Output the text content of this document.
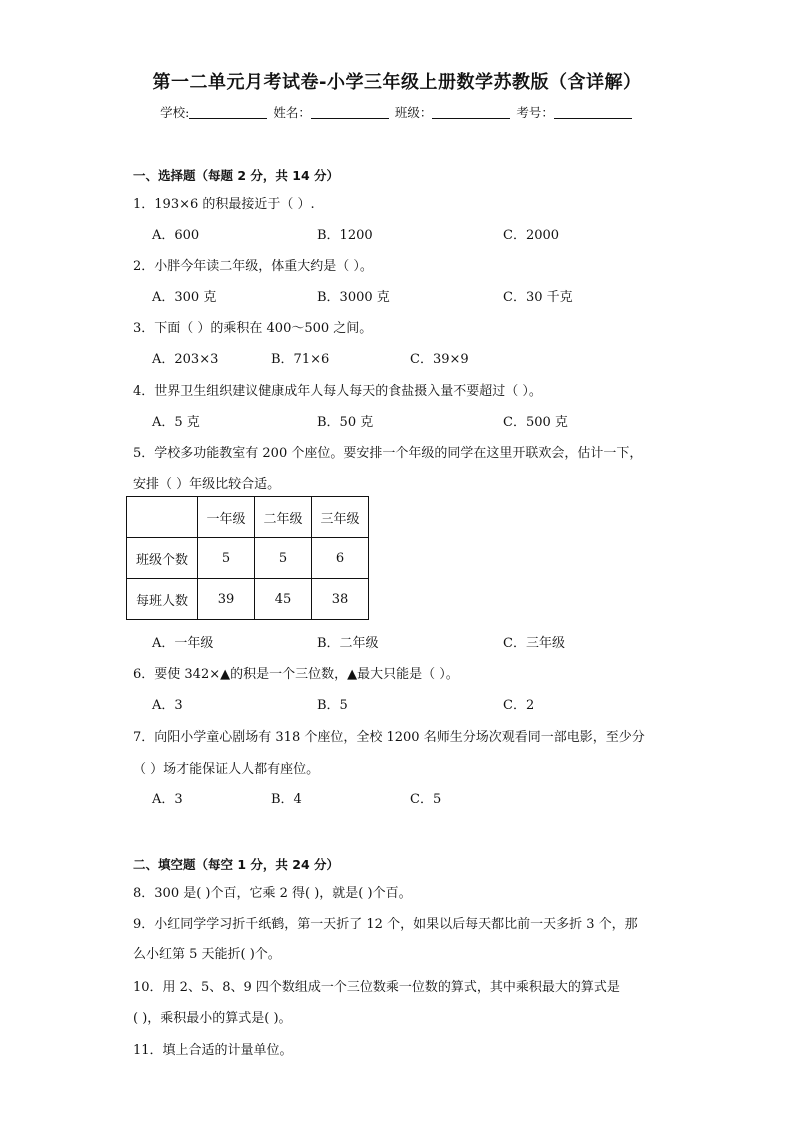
第一二单元月考试卷-小学三年级上册数学苏教版（含详解）
学校:	姓名：	班级：	考号：
一、选择题（每题 2 分，共 14 分）
1．193×6 的积最接近于（ ）.
A．600	B．1200	C．2000
2．小胖今年读二年级，体重大约是（ ）。
A．300 克	B．3000 克	C．30 千克
3．下面（ ）的乘积在 400～500 之间。
A．203×3	B．71×6	C．39×9
4．世界卫生组织建议健康成年人每人每天的食盐摄入量不要超过（ ）。
A．5 克	B．50 克	C．500 克
5．学校多功能教室有 200 个座位。要安排一个年级的同学在这里开联欢会，估计一下，
安排（ ）年级比较合适。
	一年级	二年级	三年级
班级个数	5	5	6
每班人数	39	45	38
A．一年级	B．二年级	C．三年级
6．要使 342×▲的积是一个三位数，▲最大只能是（ ）。
A．3	B．5	C．2
7．向阳小学童心剧场有 318 个座位，全校 1200 名师生分场次观看同一部电影，至少分
（ ）场才能保证人人都有座位。
A．3	B．4	C．5
二、填空题（每空 1 分，共 24 分）
8．300 是( )个百，它乘 2 得( )，就是( )个百。
9．小红同学学习折千纸鹤，第一天折了 12 个，如果以后每天都比前一天多折 3 个，那
么小红第 5 天能折( )个。
10．用 2、5、8、9 四个数组成一个三位数乘一位数的算式，其中乘积最大的算式是
( )，乘积最小的算式是( )。
11．填上合适的计量单位。
